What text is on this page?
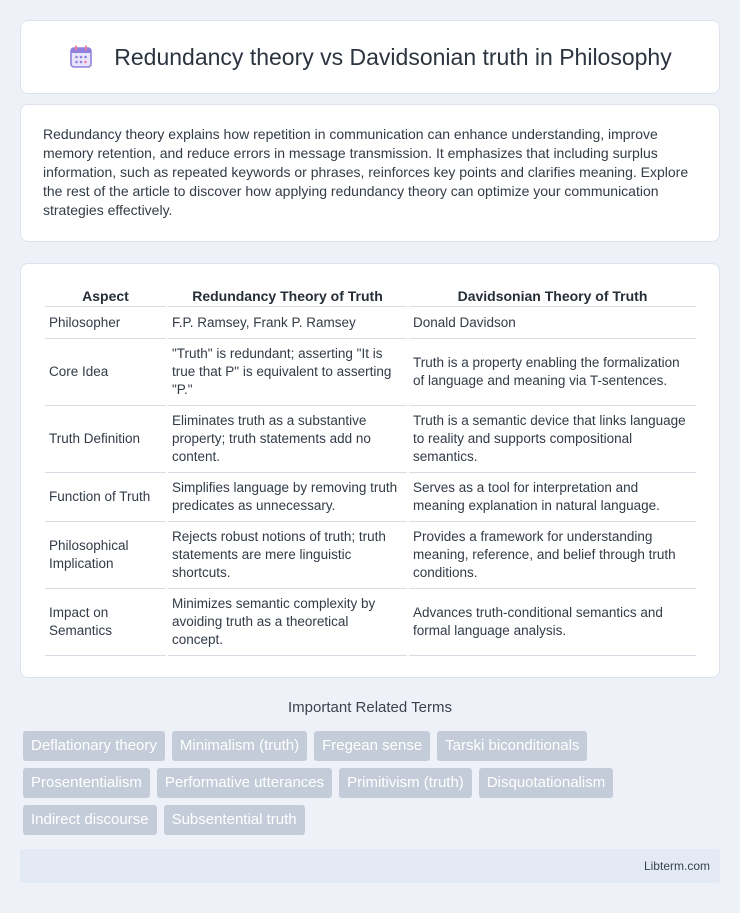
Redundancy theory vs Davidsonian truth in Philosophy

Redundancy theory explains how repetition in communication can enhance understanding, improve memory retention, and reduce errors in message transmission. It emphasizes that including surplus information, such as repeated keywords or phrases, reinforces key points and clarifies meaning. Explore the rest of the article to discover how applying redundancy theory can optimize your communication strategies effectively.

Aspect	Redundancy Theory of Truth	Davidsonian Theory of Truth
Philosopher	F.P. Ramsey, Frank P. Ramsey	Donald Davidson
Core Idea	"Truth" is redundant; asserting "It is true that P" is equivalent to asserting "P."	Truth is a property enabling the formalization of language and meaning via T-sentences.
Truth Definition	Eliminates truth as a substantive property; truth statements add no content.	Truth is a semantic device that links language to reality and supports compositional semantics.
Function of Truth	Simplifies language by removing truth predicates as unnecessary.	Serves as a tool for interpretation and meaning explanation in natural language.
Philosophical Implication	Rejects robust notions of truth; truth statements are mere linguistic shortcuts.	Provides a framework for understanding meaning, reference, and belief through truth conditions.
Impact on Semantics	Minimizes semantic complexity by avoiding truth as a theoretical concept.	Advances truth-conditional semantics and formal language analysis.
Important Related Terms
Deflationary theory	Minimalism (truth)	Fregean sense	Tarski biconditionals
Prosententialism	Performative utterances	Primitivism (truth)	Disquotationalism
Indirect discourse	Subsentential truth
Libterm.com
